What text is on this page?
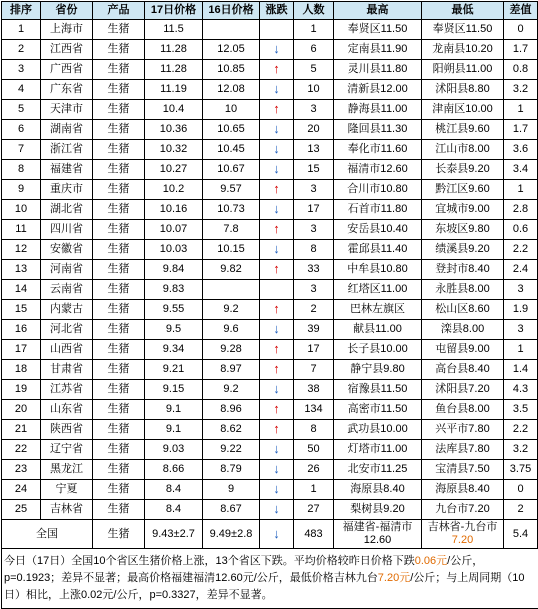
排序	省份	产品	17日价格	16日价格	涨跌	人数	最高	最低	差值
1	上海市	生猪	11.5			1	奉贤区11.50	奉贤区11.50	0
2	江西省	生猪	11.28	12.05	↓	6	定南县11.90	龙南县10.20	1.7
3	广西省	生猪	11.28	10.85	↑	5	灵川县11.80	阳朔县11.00	0.8
4	广东省	生猪	11.19	12.08	↓	10	清新县12.00	沭阳县8.80	3.2
5	天津市	生猪	10.4	10	↑	3	静海县11.00	津南区10.00	1
6	湖南省	生猪	10.36	10.65	↓	20	隆回县11.30	桃江县9.60	1.7
7	浙江省	生猪	10.32	10.45	↓	13	奉化市11.60	江山市8.00	3.6
8	福建省	生猪	10.27	10.67	↓	15	福清市12.60	长泰县9.20	3.4
9	重庆市	生猪	10.2	9.57	↑	3	合川市10.80	黔江区9.60	1
10	湖北省	生猪	10.16	10.73	↓	17	石首市11.80	宜城市9.00	2.8
11	四川省	生猪	10.07	7.8	↑	3	安岳县10.40	东坡区9.80	0.6
12	安徽省	生猪	10.03	10.15	↓	8	霍邱县11.40	绩溪县9.20	2.2
13	河南省	生猪	9.84	9.82	↑	33	中牟县10.80	登封市8.40	2.4
14	云南省	生猪	9.83			3	红塔区11.00	永胜县8.00	3
15	内蒙古	生猪	9.55	9.2	↑	2	巴林左旗区	松山区8.60	1.9
16	河北省	生猪	9.5	9.6	↓	39	献县11.00	滦县8.00	3
17	山西省	生猪	9.34	9.28	↑	17	长子县10.00	屯留县9.00	1
18	甘肃省	生猪	9.21	8.97	↑	7	静宁县9.80	高台县8.40	1.4
19	江苏省	生猪	9.15	9.2	↓	38	宿豫县11.50	沭阳县7.20	4.3
20	山东省	生猪	9.1	8.96	↑	134	高密市11.50	鱼台县8.00	3.5
21	陕西省	生猪	9.1	8.62	↑	8	武功县10.00	兴平市7.80	2.2
22	辽宁省	生猪	9.03	9.22	↓	50	灯塔市11.00	法库县7.80	3.2
23	黑龙江	生猪	8.66	8.79	↓	26	北安市11.25	宝清县7.50	3.75
24	宁夏	生猪	8.4	9	↓	1	海原县8.40	海原县8.40	0
25	吉林省	生猪	8.4	8.67	↓	27	梨树县9.20	九台市7.20	2
全国		生猪	9.43±2.7	9.49±2.8	↓	483	福建省-福清市12.60	吉林省-九台市
7.20	5.4
今日（17日）全国10个省区生猪价格上涨，13个省区下跌。平均价格较昨日价格下跌0.06元/公斤，p=0.1923；差异不显著；最高价格福建福清12.60元/公斤，最低价格吉林九台7.20元/公斤；与上周同期（10日）相比，上涨0.02元/公斤，p=0.3327，差异不显著。
